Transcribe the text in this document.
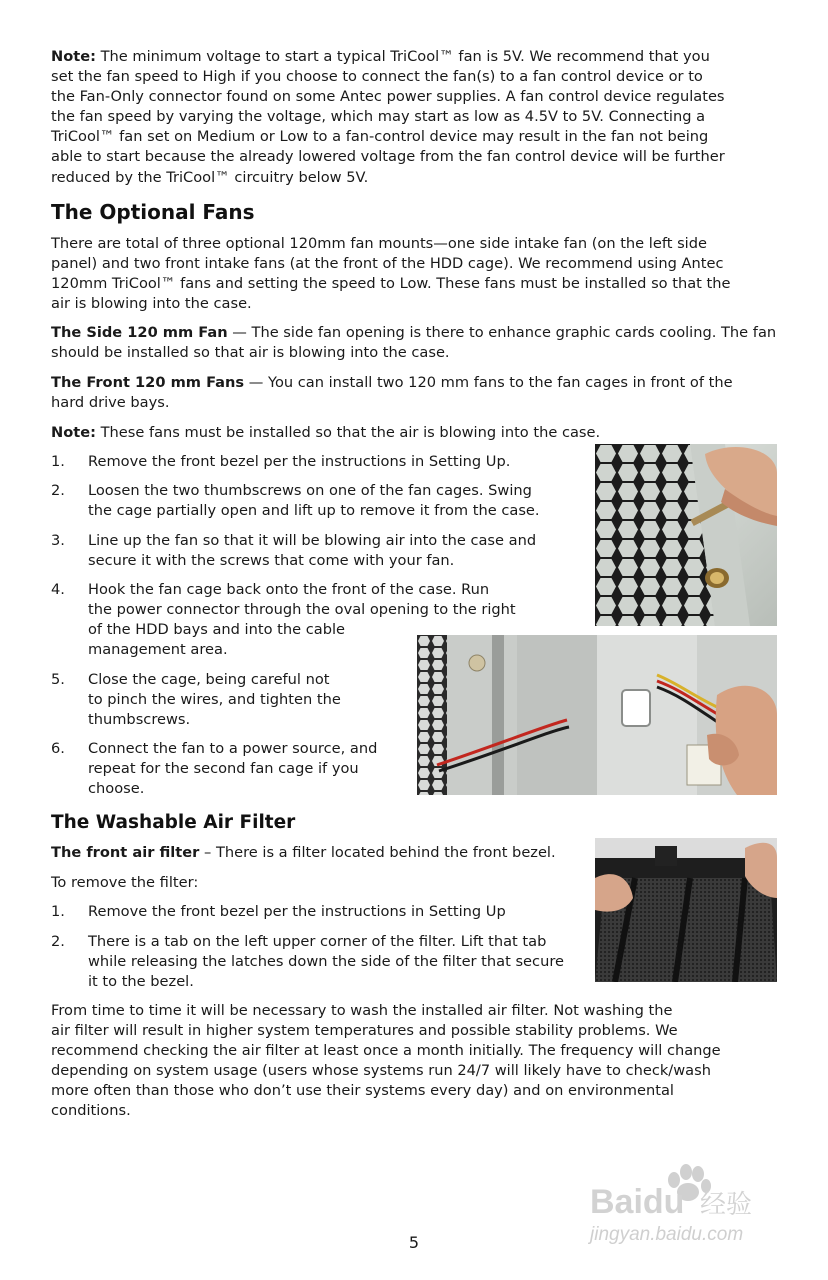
Note: The minimum voltage to start a typical TriCool™ fan is 5V. We recommend that you
set the fan speed to High if you choose to connect the fan(s) to a fan control device or to
the Fan-Only connector found on some Antec power supplies. A fan control device regulates
the fan speed by varying the voltage, which may start as low as 4.5V to 5V. Connecting a
TriCool™ fan set on Medium or Low to a fan-control device may result in the fan not being
able to start because the already lowered voltage from the fan control device will be further
reduced by the TriCool™ circuitry below 5V.
The Optional Fans
There are total of three optional 120mm fan mounts—one side intake fan (on the left side
panel) and two front intake fans (at the front of the HDD cage). We recommend using Antec
120mm TriCool™ fans and setting the speed to Low. These fans must be installed so that the
air is blowing into the case.
The Side 120 mm Fan — The side fan opening is there to enhance graphic cards cooling. The fan
should be installed so that air is blowing into the case.
The Front 120 mm Fans — You can install two 120 mm fans to the fan cages in front of the
hard drive bays.
Note: These fans must be installed so that the air is blowing into the case.
1. Remove the front bezel per the instructions in Setting Up.
2. Loosen the two thumbscrews on one of the fan cages. Swing
the cage partially open and lift up to remove it from the case.
3. Line up the fan so that it will be blowing air into the case and
secure it with the screws that come with your fan.
4. Hook the fan cage back onto the front of the case. Run
the power connector through the oval opening to the right
of the HDD bays and into the cable
management area.
5. Close the cage, being careful not
to pinch the wires, and tighten the
thumbscrews.
6. Connect the fan to a power source, and
repeat for the second fan cage if you
choose.
The Washable Air Filter
The front air filter – There is a filter located behind the front bezel.
To remove the filter:
1. Remove the front bezel per the instructions in Setting Up
2. There is a tab on the left upper corner of the filter. Lift that tab
while releasing the latches down the side of the filter that secure
it to the bezel.
From time to time it will be necessary to wash the installed air filter. Not washing the
air filter will result in higher system temperatures and possible stability problems. We
recommend checking the air filter at least once a month initially. The frequency will change
depending on system usage (users whose systems run 24/7 will likely have to check/wash
more often than those who don’t use their systems every day) and on environmental
conditions.
Baidu 经验
jingyan.baidu.com
5
